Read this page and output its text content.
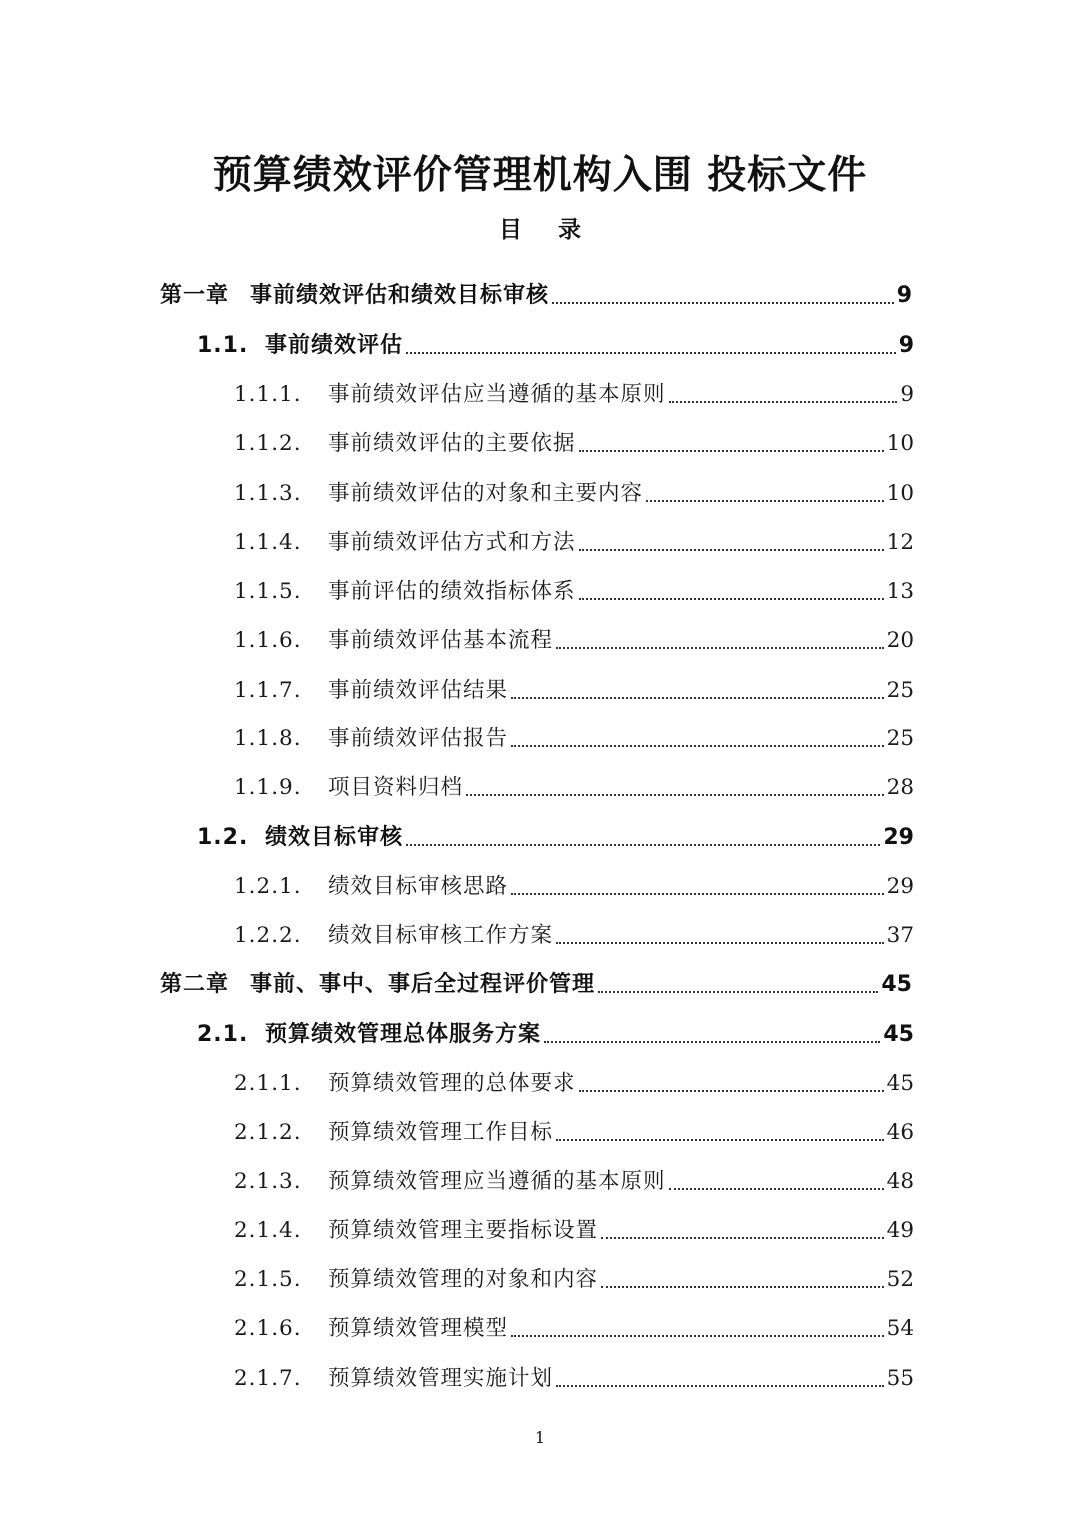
预算绩效评价管理机构入围 投标文件
目 录
第一章 事前绩效评估和绩效目标审核	9
1.1. 事前绩效评估	9
1.1.1.	事前绩效评估应当遵循的基本原则	9
1.1.2.	事前绩效评估的主要依据	10
1.1.3.	事前绩效评估的对象和主要内容	10
1.1.4.	事前绩效评估方式和方法	12
1.1.5.	事前评估的绩效指标体系	13
1.1.6.	事前绩效评估基本流程	20
1.1.7.	事前绩效评估结果	25
1.1.8.	事前绩效评估报告	25
1.1.9.	项目资料归档	28
1.2. 绩效目标审核	29
1.2.1.	绩效目标审核思路	29
1.2.2.	绩效目标审核工作方案	37
第二章 事前、事中、事后全过程评价管理	45
2.1. 预算绩效管理总体服务方案	45
2.1.1.	预算绩效管理的总体要求	45
2.1.2.	预算绩效管理工作目标	46
2.1.3.	预算绩效管理应当遵循的基本原则	48
2.1.4.	预算绩效管理主要指标设置	49
2.1.5.	预算绩效管理的对象和内容	52
2.1.6.	预算绩效管理模型	54
2.1.7.	预算绩效管理实施计划	55
1
